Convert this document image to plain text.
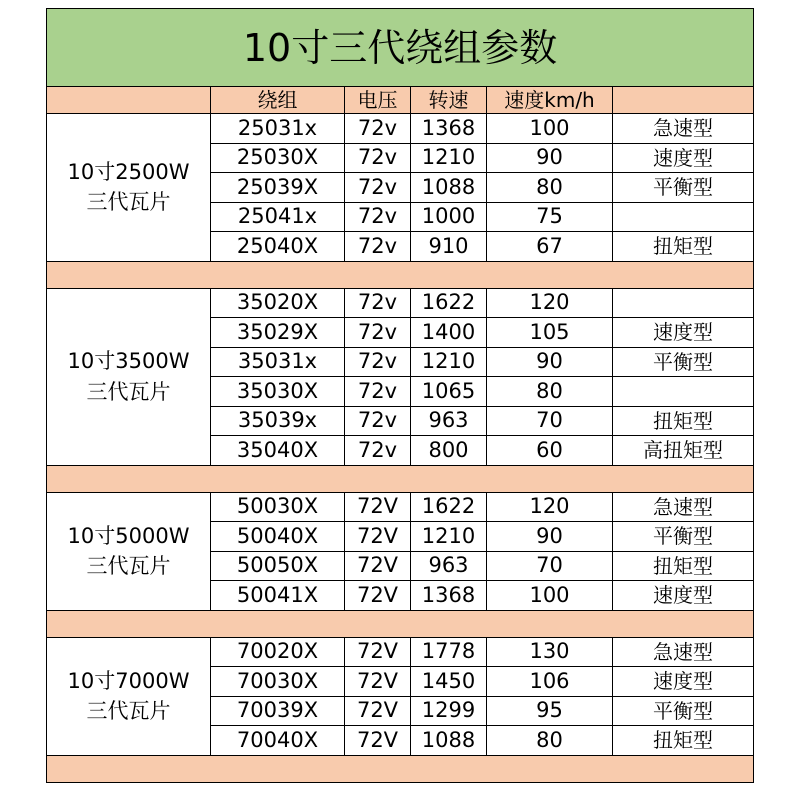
10寸三代绕组参数					
	绕组	电压	转速	速度km/h	

10寸2500W
三代瓦片	25031x	72v	1368	100	急速型
	25030X	72v	1210	90	速度型
	25039X	72v	1088	80	平衡型
	25041x	72v	1000	75	
	25040X	72v	910	67	扭矩型

10寸3500W
三代瓦片	35020X	72v	1622	120	
	35029X	72v	1400	105	速度型
	35031x	72v	1210	90	平衡型
	35030X	72v	1065	80	
	35039x	72v	963	70	扭矩型
	35040X	72v	800	60	高扭矩型

10寸5000W
三代瓦片	50030X	72V	1622	120	急速型
	50040X	72V	1210	90	平衡型
	50050X	72V	963	70	扭矩型
	50041X	72V	1368	100	速度型

10寸7000W
三代瓦片	70020X	72V	1778	130	急速型
	70030X	72V	1450	106	速度型
	70039X	72V	1299	95	平衡型
	70040X	72V	1088	80	扭矩型
